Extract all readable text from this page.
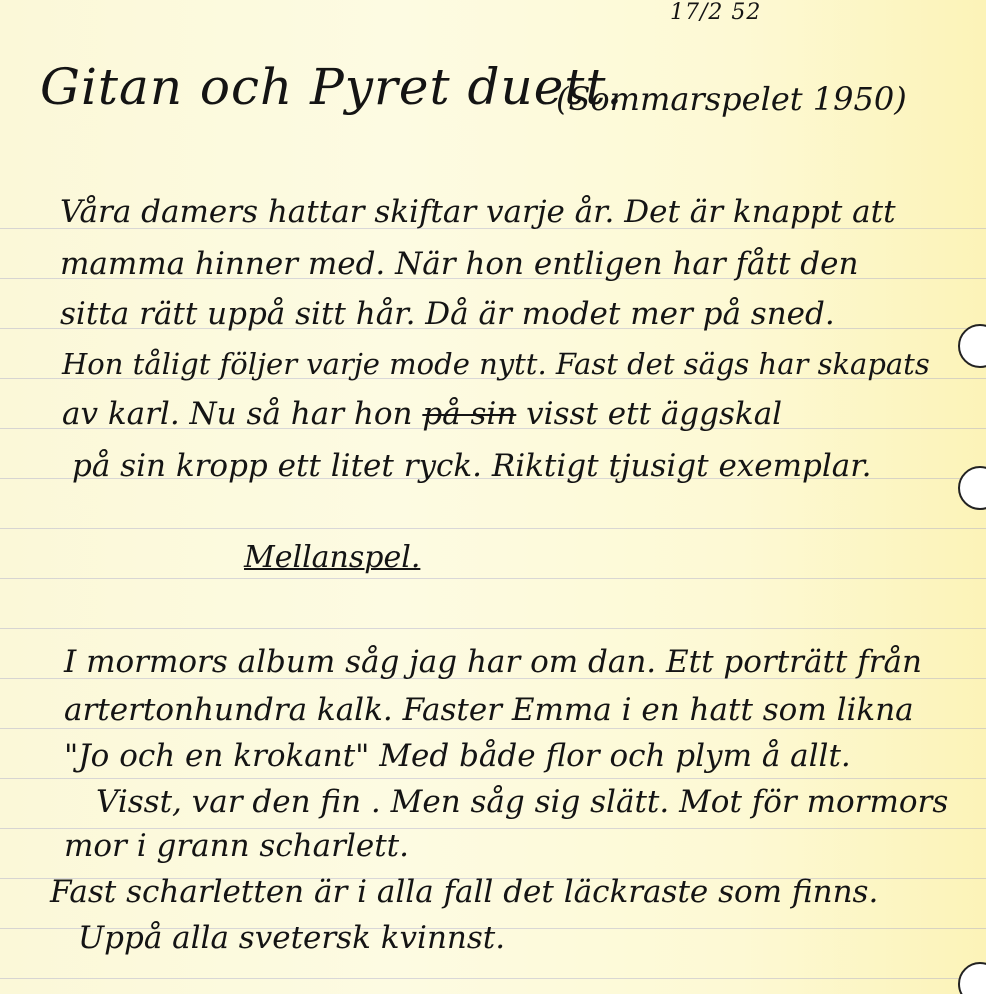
17/2 52
Gitan och Pyret duett.
(Sommarspelet 1950)
Våra damers hattar skiftar varje år. Det är knappt att
mamma hinner med. När hon entligen har fått den
sitta rätt uppå sitt hår. Då är modet mer på sned.
Hon tåligt följer varje mode nytt. Fast det sägs har skapats
av karl. Nu så har hon på sin visst ett äggskal
på sin kropp ett litet ryck. Riktigt tjusigt exemplar.
Mellanspel.
I mormors album såg jag har om dan. Ett porträtt från
artertonhundra kalk. Faster Emma i en hatt som likna
"Jo och en krokant" Med både flor och plym å allt.
Visst, var den fin . Men såg sig slätt. Mot för mormors
mor i grann scharlett.
Fast scharletten är i alla fall det läckraste som finns.
Uppå alla svetersk kvinnst.
